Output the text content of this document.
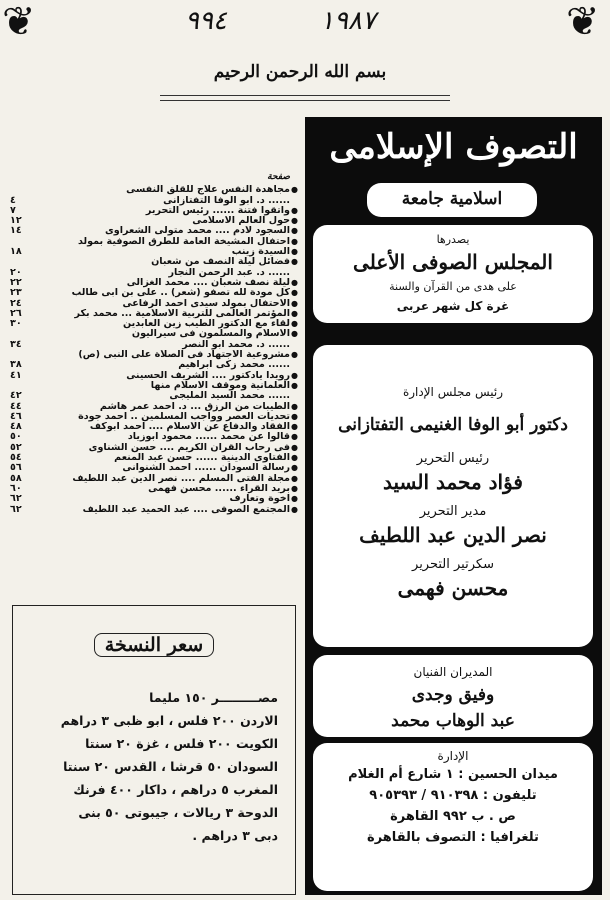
❦	❦
٩٩٤	١٩٨٧
بسم الله الرحمن الرحيم
التصوف الإسلامى
اسلامية جامعة
يصدرها
المجلس الصوفى الأعلى
على هدى من القرآن والسنة
غرة كل شهر عربى
رئيس مجلس الإدارة
دكتور أبو الوفا الغنيمى التفتازانى
رئيس التحرير
فؤاد محمد السيد
مدير التحرير
نصر الدين عبد اللطيف
سكرتير التحرير
محسن فهمى
المديران الفنيان
وفيق وجدى
عبد الوهاب محمد
الإدارة
ميدان الحسين : ١ شارع أم الغلام
تليفون : ٩١٠٣٩٨ / ٩٠٥٣٩٣
ص . ب ٩٩٢ القاهرة
تلغرافيا : التصوف بالقاهرة
صفحة
●
مجاهدة النفس علاج للقلق النفسى
...... د. أبو الوفا التفتازانى
٤
●
واتقوا فتنة ...... رئيس التحرير
٧
●
حول العالم الاسلامى
١٢
●
السجود لادم .... محمد متولى الشعراوى
١٤
●
احتفال المشيخة العامة للطرق الصوفية بمولد
●
السيدة زينب
١٨
●
فضائل ليلة النصف من شعبان
...... د. عبد الرحمن النجار
٢٠
●
ليلة نصف شعبان .... محمد الغزالى
٢٢
●
كل مودة لله تصفو (شعر) .. على بن أبى طالب
٢٣
●
الاحتفال بمولد سيدى أحمد الرفاعى
٢٤
●
المؤتمر العالمى للتربية الاسلامية ... محمد بكر
٢٦
●
لقاء مع الدكتور الطيب زين العابدين
٣٠
●
الاسلام والمسلمون فى سيراليون
...... د. محمد أبو النصر
٣٤
●
مشروعية الاجتهاد فى الصلاة على النبى (ص)
...... محمد زكى ابراهيم
٣٨
●
رويدا يادكتور .... الشريف الحسينى
٤١
●
العلمانية وموقف الاسلام منها
...... محمد السيد المليجى
٤٢
●
الطيبات من الرزق ... د. أحمد عمر هاشم
٤٤
●
تحديات العصر وواجب المسلمين .. أحمد جودة
٤٦
●
الفقاد والدفاع عن الاسلام .... أحمد أبوكف
٤٨
●
قالوا عن محمد ...... محمود أبوزياد
٥٠
●
فى رحاب القرآن الكريم .... حسن الشناوى
٥٢
●
الفتاوى الدينية ...... حسن عبد المنعم
٥٤
●
رسالة السودان ...... أحمد الشنوانى
٥٦
●
مجلة الفتى المسلم .... نصر الدين عبد اللطيف
٥٨
●
بريد القراء ...... محسن فهمى
٦٠
●
أخوة وتعارف
٦٢
●
المجتمع الصوفى .... عبد الحميد عبد اللطيف
٦٢
سعر النسخة
مصـــــــــر ١٥٠ مليما
الاردن ٢٠٠ فلس ، ابو ظبى ٣ دراهم
الكويت ٢٠٠ فلس ، غزة ٢٠ سنتا
السودان ٥٠ قرشا ، القدس ٢٠ سنتا
المغرب ٥ دراهم ، داكار ٤٠٠ فرنك
الدوحة ٣ ريالات ، جيبوتى ٥٠ بنى
دبى ٣ دراهم .
